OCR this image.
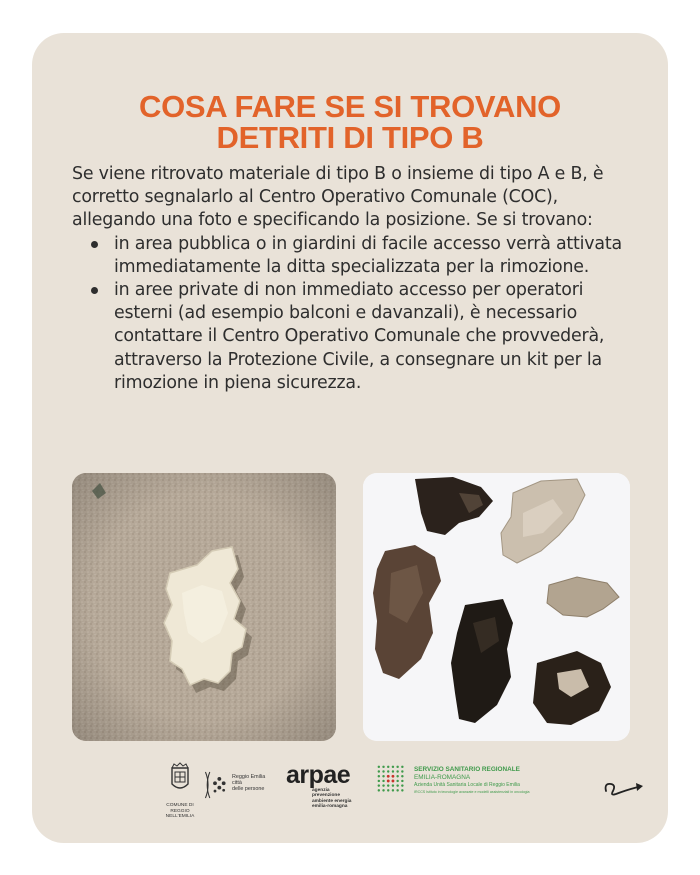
COSA FARE SE SI TROVANO
DETRITI DI TIPO B

Se viene ritrovato materiale di tipo B o insieme di tipo A e B, è corretto segnalarlo al Centro Operativo Comunale (COC), allegando una foto e specificando la posizione. Se si trovano:

in area pubblica o in giardini di facile accesso verrà attivata immediatamente la ditta specializzata per la rimozione.
in aree private di non immediato accesso per operatori esterni (ad esempio balconi e davanzali), è necessario contattare il Centro Operativo Comunale che provvederà, attraverso la Protezione Civile, a consegnare un kit per la rimozione in piena sicurezza.
COMUNE DI
REGGIO NELL'EMILIA
Reggio Emilia
città
delle persone
arpae
agenzia
prevenzione
ambiente energia
emilia-romagna
SERVIZIO SANITARIO REGIONALE
EMILIA-ROMAGNA
Azienda Unità Sanitaria Locale di Reggio Emilia
IRCCS Istituto in tecnologie avanzate e modelli assistenziali in oncologia
